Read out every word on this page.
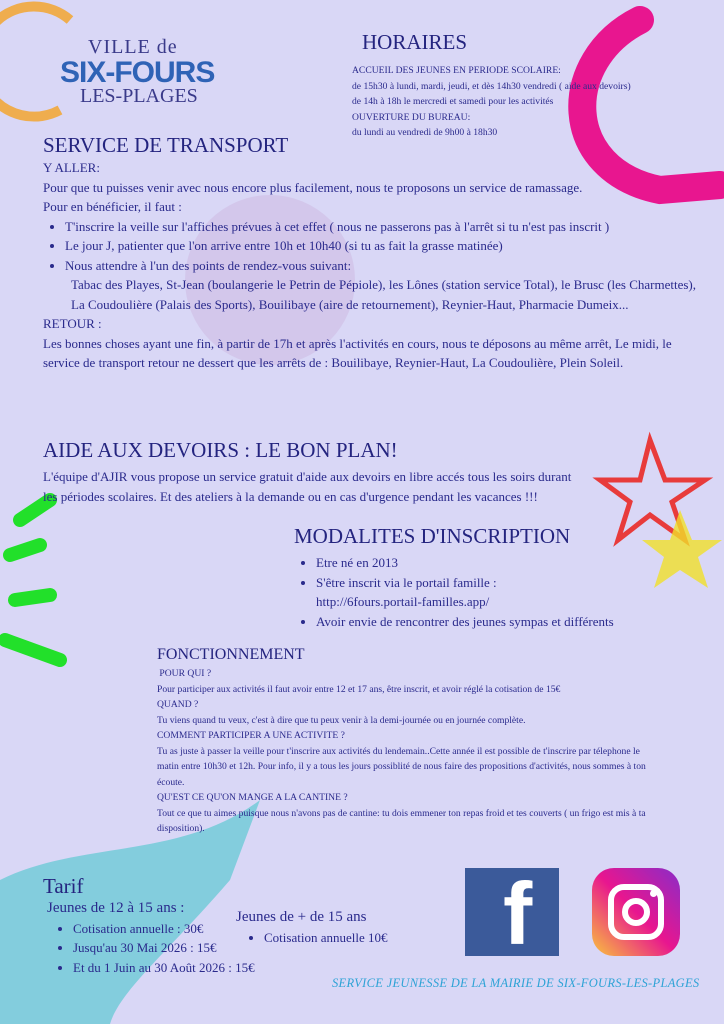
VILLE de
SIX-FOURS
LES-PLAGES
HORAIRES

ACCUEIL DES JEUNES EN PERIODE SCOLAIRE:

de 15h30 à lundi, mardi, jeudi, et dès 14h30 vendredi ( aide aux devoirs)

de 14h à 18h le mercredi et samedi pour les activités

OUVERTURE DU BUREAU:

du lundi au vendredi de 9h00 à 18h30

SERVICE DE TRANSPORT

Y ALLER:

Pour que tu puisses venir avec nous encore plus facilement, nous te proposons un service de ramassage.

Pour en bénéficier, il faut :

• T'inscrire la veille sur l'affiches prévues à cet effet ( nous ne passerons pas à l'arrêt si tu n'est pas inscrit )
• Le jour J, patienter que l'on arrive entre 10h et 10h40 (si tu as fait la grasse matinée)
• Nous attendre à l'un des points de rendez-vous suivant:

Tabac des Playes, St-Jean (boulangerie le Petrin de Pépiole), les Lônes (station service Total), le Brusc (les Charmettes), La Coudoulière (Palais des Sports), Bouilibaye (aire de retournement), Reynier-Haut, Pharmacie Dumeix...

RETOUR :

Les bonnes choses ayant une fin, à partir de 17h et après l'activités en cours, nous te déposons au même arrêt, Le midi, le service de transport retour ne dessert que les arrêts de : Bouilibaye, Reynier-Haut, La Coudoulière, Plein Soleil.

AIDE AUX DEVOIRS : LE BON PLAN!

L'équipe d'AJIR vous propose un service gratuit d'aide aux devoirs en libre accés tous les soirs durant les périodes scolaires. Et des ateliers à la demande ou en cas d'urgence pendant les vacances !!!

MODALITES D'INSCRIPTION
• Etre né en 2013
• S'être inscrit via le portail famille : http://6fours.portail-familles.app/
• Avoir envie de rencontrer des jeunes sympas et différents
FONCTIONNEMENT

POUR QUI ?

Pour participer aux activités il faut avoir entre 12 et 17 ans, être inscrit, et avoir réglé la cotisation de 15€

QUAND ?

Tu viens quand tu veux, c'est à dire que tu peux venir à la demi-journée ou en journée complète.

COMMENT PARTICIPER A UNE ACTIVITE ?

Tu as juste à passer la veille pour t'inscrire aux activités du lendemain..Cette année il est possible de t'inscrire par télephone le matin entre 10h30 et 12h. Pour info, il y a tous les jours possiblité de nous faire des propositions d'activités, nous sommes à ton écoute.

QU'EST CE QU'ON MANGE A LA CANTINE ?

Tout ce que tu aimes puisque nous n'avons pas de cantine: tu dois emmener ton repas froid et tes couverts ( un frigo est mis à ta disposition).

Tarif

Jeunes de 12 à 15 ans :

• Cotisation annuelle : 30€
• Jusqu'au 30 Mai 2026 : 15€
• Et du 1 Juin au 30 Août 2026 : 15€

Jeunes de + de 15 ans

• Cotisation annuelle 10€ f
SERVICE JEUNESSE DE LA MAIRIE DE SIX-FOURS-LES-PLAGES
